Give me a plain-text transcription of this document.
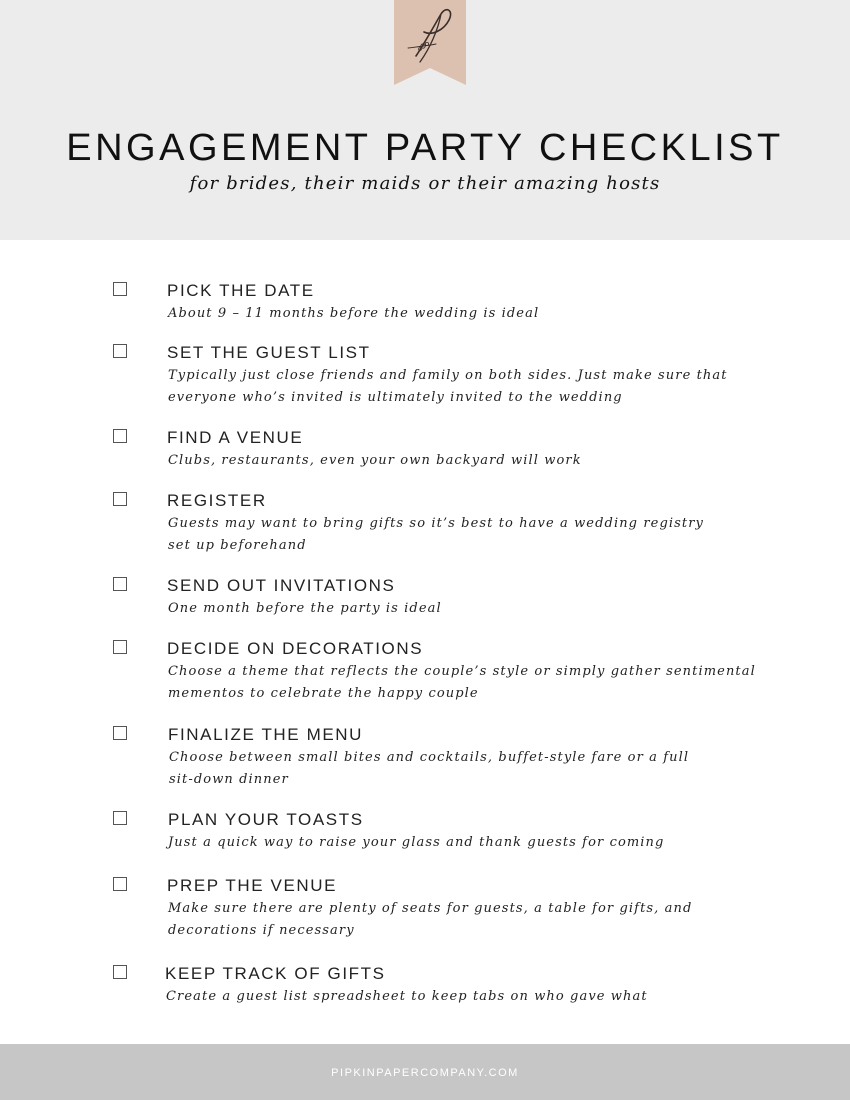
ENGAGEMENT PARTY CHECKLIST
for brides, their maids or their amazing hosts
PICK THE DATE
About 9 – 11 months before the wedding is ideal
SET THE GUEST LIST
Typically just close friends and family on both sides. Just make sure that
everyone who’s invited is ultimately invited to the wedding
FIND A VENUE
Clubs, restaurants, even your own backyard will work
REGISTER
Guests may want to bring gifts so it’s best to have a wedding registry
set up beforehand
SEND OUT INVITATIONS
One month before the party is ideal
DECIDE ON DECORATIONS
Choose a theme that reflects the couple’s style or simply gather sentimental
mementos to celebrate the happy couple
FINALIZE THE MENU
Choose between small bites and cocktails, buffet-style fare or a full
sit-down dinner
PLAN YOUR TOASTS
Just a quick way to raise your glass and thank guests for coming
PREP THE VENUE
Make sure there are plenty of seats for guests, a table for gifts, and
decorations if necessary
KEEP TRACK OF GIFTS
Create a guest list spreadsheet to keep tabs on who gave what
PIPKINPAPERCOMPANY.COM
